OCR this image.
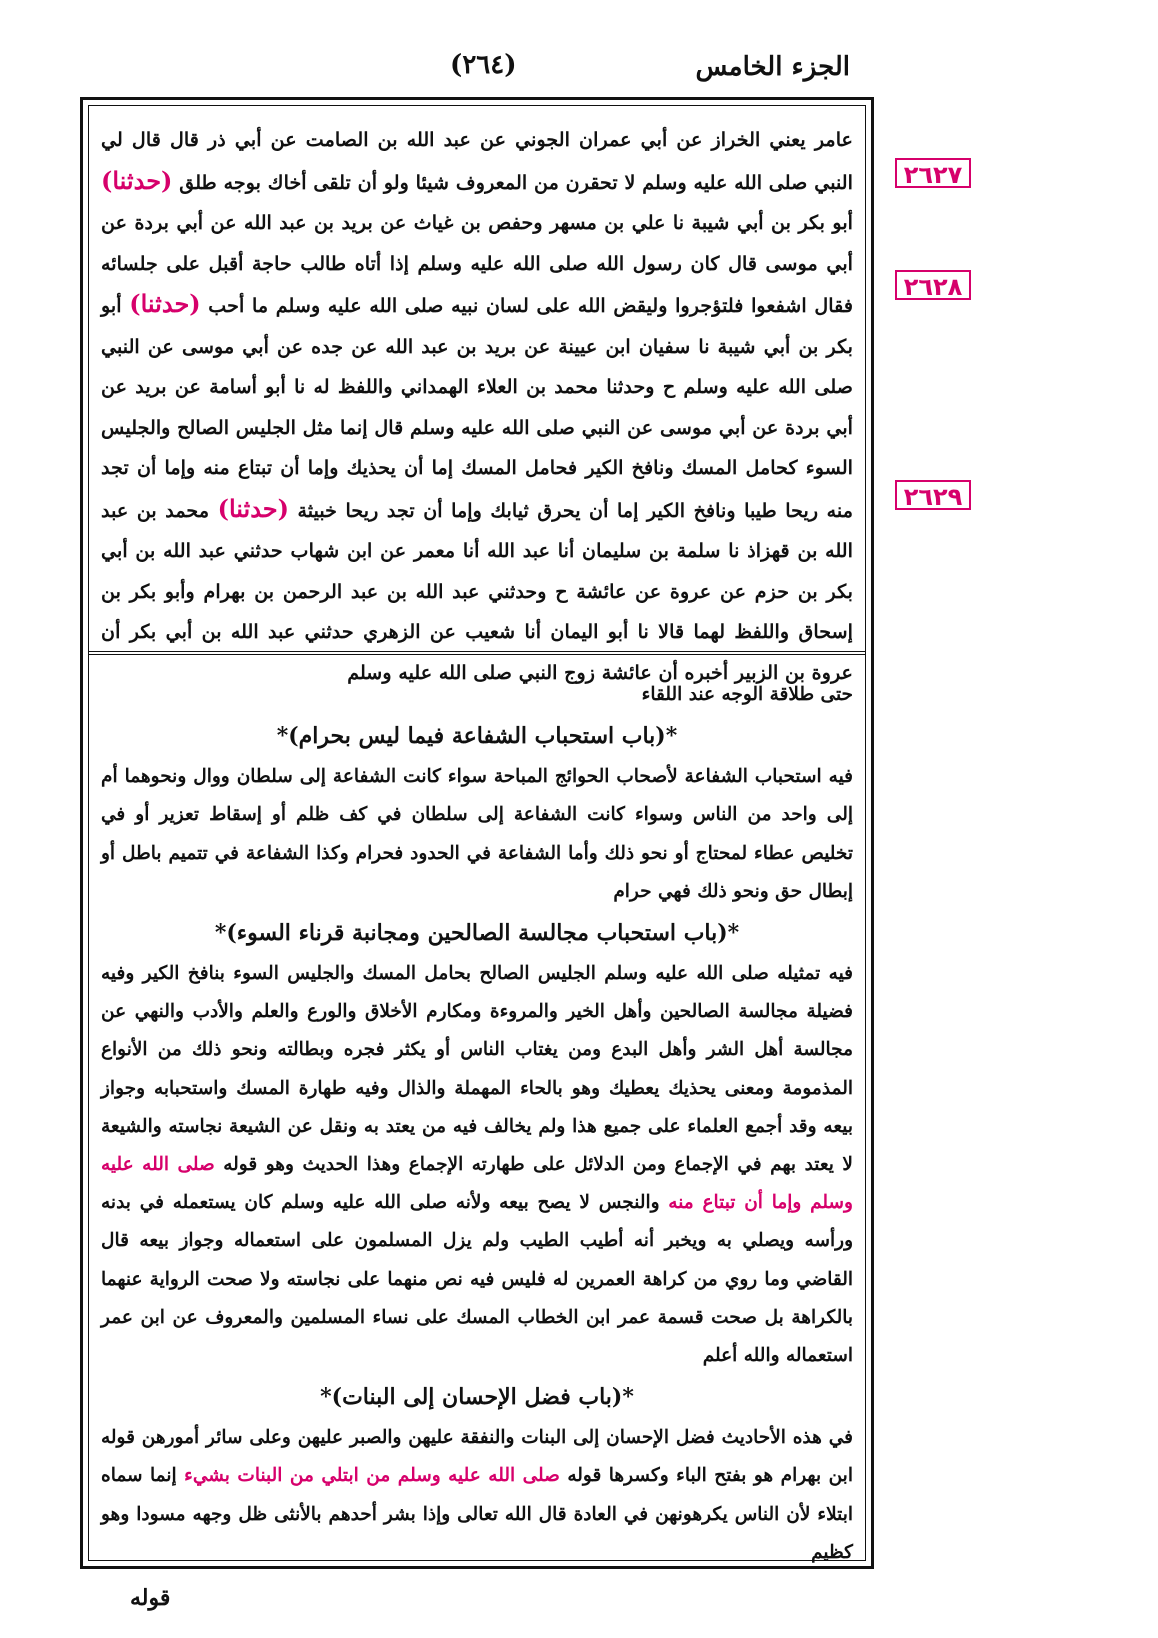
(٢٦٤)	الجزء الخامس
عامر يعني الخراز عن أبي عمران الجوني عن عبد الله بن الصامت عن أبي ذر قال قال لي النبي صلى الله عليه وسلم لا تحقرن من المعروف شيئا ولو أن تلقى أخاك بوجه طلق (حدثنا) أبو بكر بن أبي شيبة نا علي بن مسهر وحفص بن غياث عن بريد بن عبد الله عن أبي بردة عن أبي موسى قال كان رسول الله صلى الله عليه وسلم إذا أتاه طالب حاجة أقبل على جلسائه فقال اشفعوا فلتؤجروا وليقض الله على لسان نبيه صلى الله عليه وسلم ما أحب (حدثنا) أبو بكر بن أبي شيبة نا سفيان ابن عيينة عن بريد بن عبد الله عن جده عن أبي موسى عن النبي صلى الله عليه وسلم ح وحدثنا محمد بن العلاء الهمداني واللفظ له نا أبو أسامة عن بريد عن أبي بردة عن أبي موسى عن النبي صلى الله عليه وسلم قال إنما مثل الجليس الصالح والجليس السوء كحامل المسك ونافخ الكير فحامل المسك إما أن يحذيك وإما أن تبتاع منه وإما أن تجد منه ريحا طيبا ونافخ الكير إما أن يحرق ثيابك وإما أن تجد ريحا خبيثة (حدثنا) محمد بن عبد الله بن قهزاذ نا سلمة بن سليمان أنا عبد الله أنا معمر عن ابن شهاب حدثني عبد الله بن أبي بكر بن حزم عن عروة عن عائشة ح وحدثني عبد الله بن عبد الرحمن بن بهرام وأبو بكر بن إسحاق واللفظ لهما قالا نا أبو اليمان أنا شعيب عن الزهري حدثني عبد الله بن أبي بكر أن عروة بن الزبير أخبره أن عائشة زوج النبي صلى الله عليه وسلم

حتى طلاقة الوجه عند اللقاء

*(باب استحباب الشفاعة فيما ليس بحرام)*

فيه استحباب الشفاعة لأصحاب الحوائج المباحة سواء كانت الشفاعة إلى سلطان ووال ونحوهما أم إلى واحد من الناس وسواء كانت الشفاعة إلى سلطان في كف ظلم أو إسقاط تعزير أو في تخليص عطاء لمحتاج أو نحو ذلك وأما الشفاعة في الحدود فحرام وكذا الشفاعة في تتميم باطل أو إبطال حق ونحو ذلك فهي حرام

*(باب استحباب مجالسة الصالحين ومجانبة قرناء السوء)*

فيه تمثيله صلى الله عليه وسلم الجليس الصالح بحامل المسك والجليس السوء بنافخ الكير وفيه فضيلة مجالسة الصالحين وأهل الخير والمروءة ومكارم الأخلاق والورع والعلم والأدب والنهي عن مجالسة أهل الشر وأهل البدع ومن يغتاب الناس أو يكثر فجره وبطالته ونحو ذلك من الأنواع المذمومة ومعنى يحذيك يعطيك وهو بالحاء المهملة والذال وفيه طهارة المسك واستحبابه وجواز بيعه وقد أجمع العلماء على جميع هذا ولم يخالف فيه من يعتد به ونقل عن الشيعة نجاسته والشيعة لا يعتد بهم في الإجماع ومن الدلائل على طهارته الإجماع وهذا الحديث وهو قوله صلى الله عليه وسلم وإما أن تبتاع منه والنجس لا يصح بيعه ولأنه صلى الله عليه وسلم كان يستعمله في بدنه ورأسه ويصلي به ويخبر أنه أطيب الطيب ولم يزل المسلمون على استعماله وجواز بيعه قال القاضي وما روي من كراهة العمرين له فليس فيه نص منهما على نجاسته ولا صحت الرواية عنهما بالكراهة بل صحت قسمة عمر ابن الخطاب المسك على نساء المسلمين والمعروف عن ابن عمر استعماله والله أعلم

*(باب فضل الإحسان إلى البنات)*

في هذه الأحاديث فضل الإحسان إلى البنات والنفقة عليهن والصبر عليهن وعلى سائر أمورهن قوله ابن بهرام هو بفتح الباء وكسرها قوله صلى الله عليه وسلم من ابتلي من البنات بشيء إنما سماه ابتلاء لأن الناس يكرهونهن في العادة قال الله تعالى وإذا بشر أحدهم بالأنثى ظل وجهه مسودا وهو كظيم

٢٦٢٧
٢٦٢٨
٢٦٢٩
قوله
